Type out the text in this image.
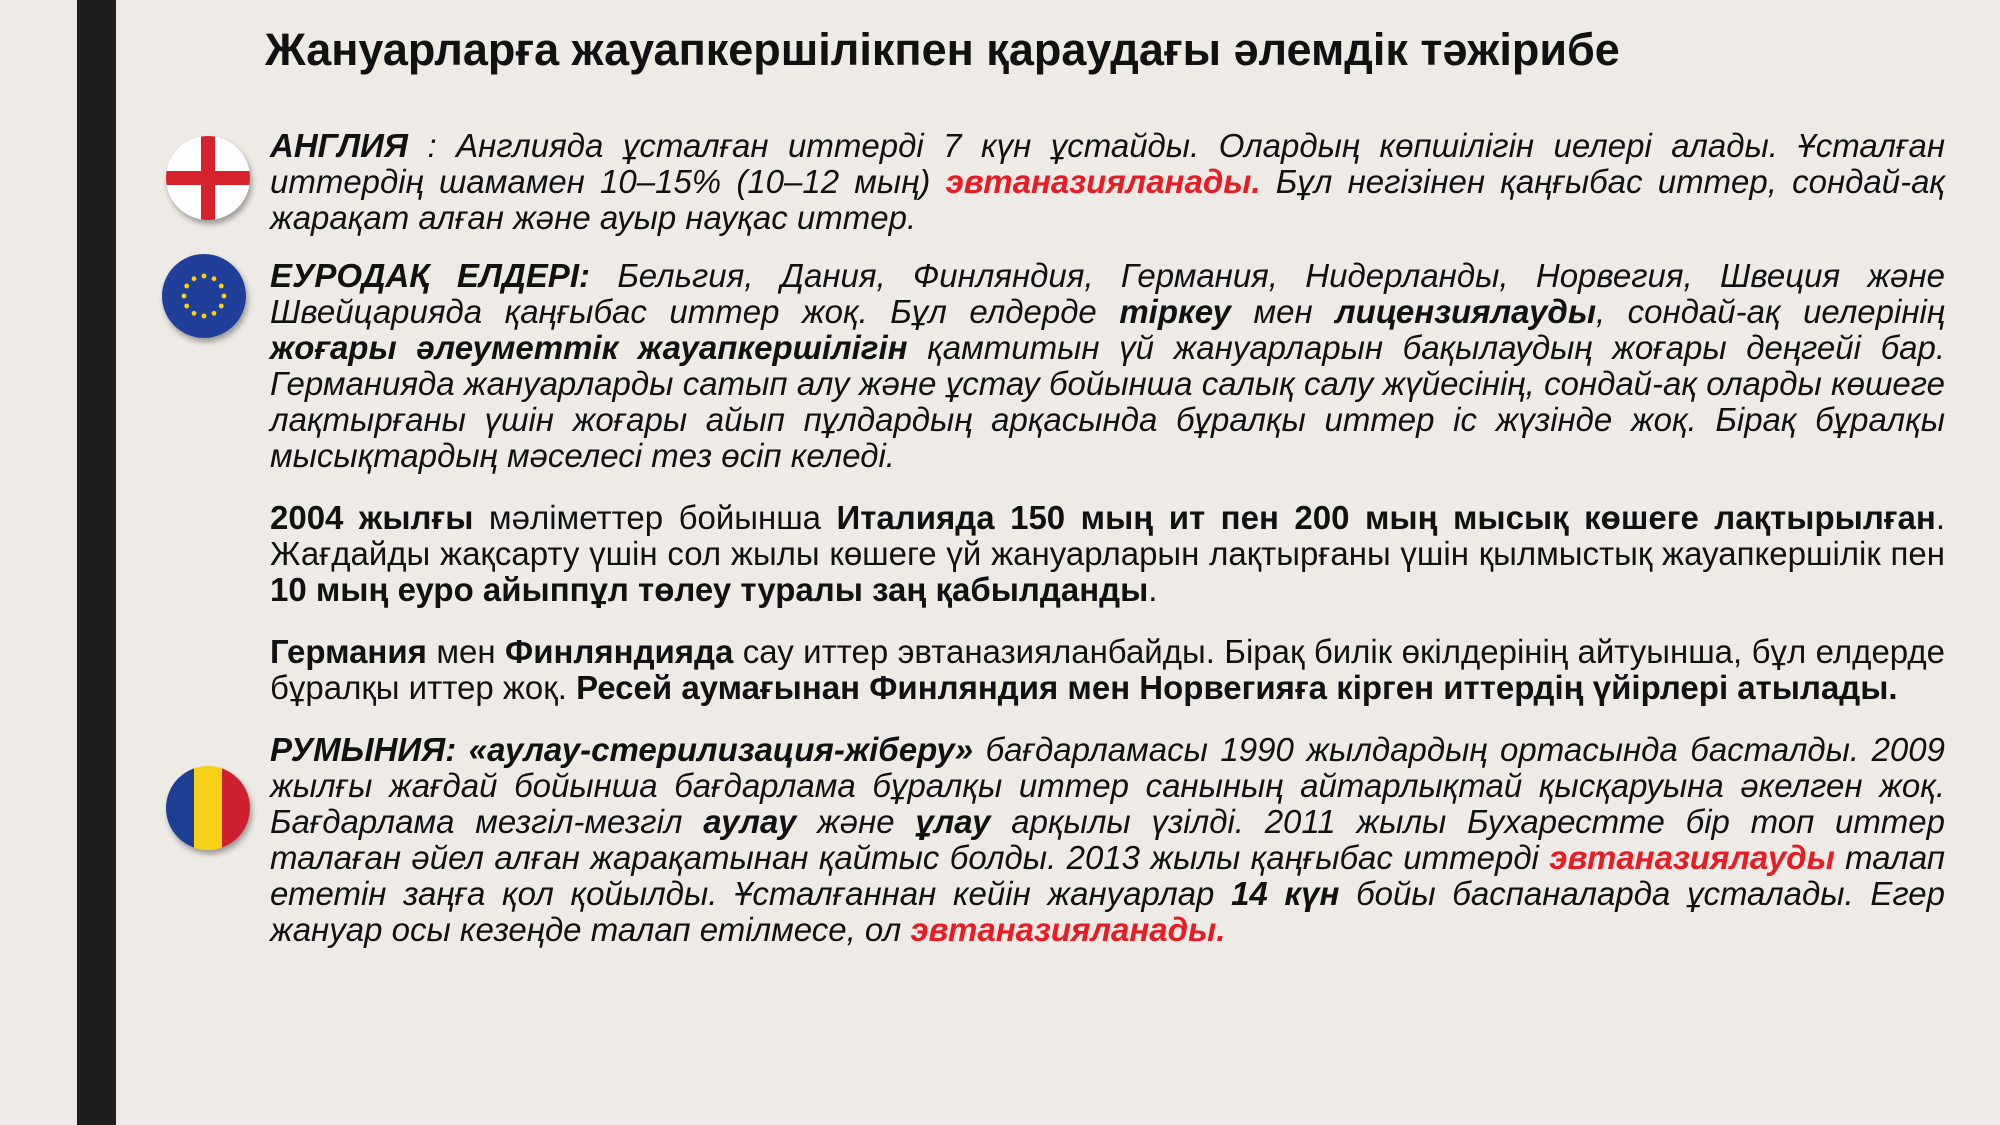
Жануарларға жауапкершілікпен қараудағы әлемдік тәжірибе

АНГЛИЯ : Англияда ұсталған иттерді 7 күн ұстайды. Олардың көпшілігін иелері алады. Ұсталған иттердің шамамен 10–15% (10–12 мың) эвтаназияланады. Бұл негізінен қаңғыбас иттер, сондай-ақ жарақат алған және ауыр науқас иттер.

ЕУРОДАҚ ЕЛДЕРІ: Бельгия, Дания, Финляндия, Германия, Нидерланды, Норвегия, Швеция және Швейцарияда қаңғыбас иттер жоқ. Бұл елдерде тіркеу мен лицензиялауды, сондай-ақ иелерінің жоғары әлеуметтік жауапкершілігін қамтитын үй жануарларын бақылаудың жоғары деңгейі бар. Германияда жануарларды сатып алу және ұстау бойынша салық салу жүйесінің, сондай-ақ оларды көшеге лақтырғаны үшін жоғары айып пұлдардың арқасында бұралқы иттер іс жүзінде жоқ. Бірақ бұралқы мысықтардың мәселесі тез өсіп келеді.

2004 жылғы мәліметтер бойынша Италияда 150 мың ит пен 200 мың мысық көшеге лақтырылған. Жағдайды жақсарту үшін сол жылы көшеге үй жануарларын лақтырғаны үшін қылмыстық жауапкершілік пен 10 мың еуро айыппұл төлеу туралы заң қабылданды.

Германия мен Финляндияда сау иттер эвтаназияланбайды. Бірақ билік өкілдерінің айтуынша, бұл елдерде бұралқы иттер жоқ. Ресей аумағынан Финляндия мен Норвегияға кірген иттердің үйірлері атылады.

РУМЫНИЯ: «аулау-стерилизация-жіберу» бағдарламасы 1990 жылдардың ортасында басталды. 2009 жылғы жағдай бойынша бағдарлама бұралқы иттер санының айтарлықтай қысқаруына әкелген жоқ. Бағдарлама мезгіл-мезгіл аулау және ұлау арқылы үзілді. 2011 жылы Бухарестте бір топ иттер талаған әйел алған жарақатынан қайтыс болды. 2013 жылы қаңғыбас иттерді эвтаназиялауды талап ететін заңға қол қойылды. Ұсталғаннан кейін жануарлар 14 күн бойы баспаналарда ұсталады. Егер жануар осы кезеңде талап етілмесе, ол эвтаназияланады.
